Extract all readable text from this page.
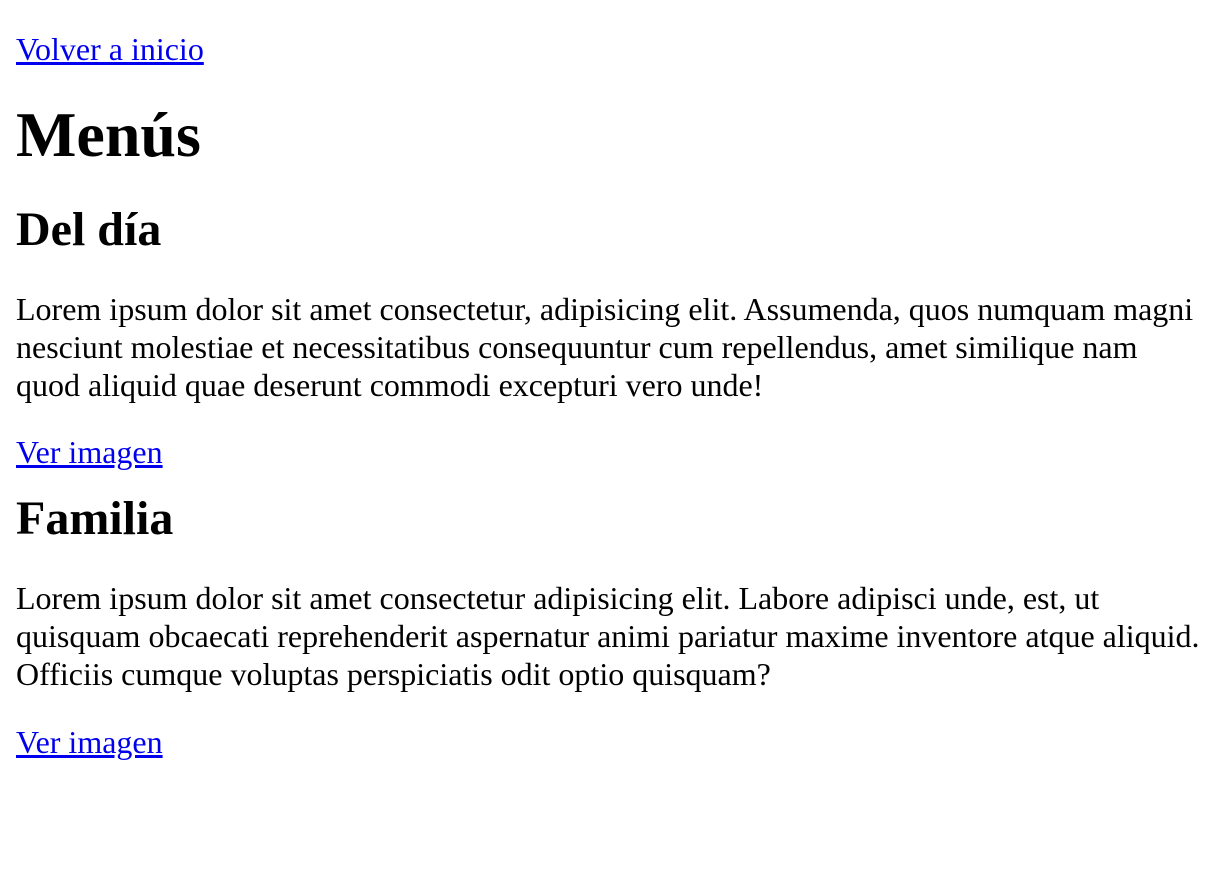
Volver a inicio

Menús
Del día

Lorem ipsum dolor sit amet consectetur, adipisicing elit. Assumenda, quos numquam magni nesciunt molestiae et necessitatibus consequuntur cum repellendus, amet similique nam quod aliquid quae deserunt commodi excepturi vero unde!

Ver imagen

Familia

Lorem ipsum dolor sit amet consectetur adipisicing elit. Labore adipisci unde, est, ut quisquam obcaecati reprehenderit aspernatur animi pariatur maxime inventore atque aliquid. Officiis cumque voluptas perspiciatis odit optio quisquam?

Ver imagen
